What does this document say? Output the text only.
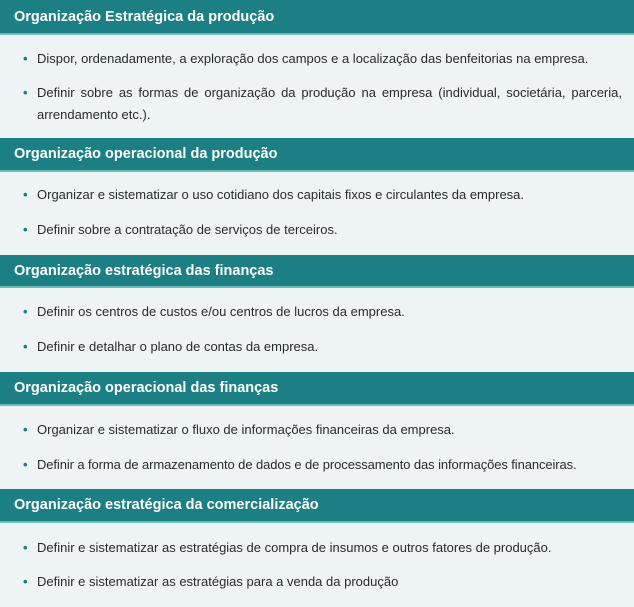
Organização Estratégica da produção
• Dispor, ordenadamente, a exploração dos campos e a localização das benfeitorias na empresa.
• Definir sobre as formas de organização da produção na empresa (individual, societária, parceria, arrendamento etc.).
Organização operacional da produção
• Organizar e sistematizar o uso cotidiano dos capitais fixos e circulantes da empresa.
• Definir sobre a contratação de serviços de terceiros.
Organização estratégica das finanças
• Definir os centros de custos e/ou centros de lucros da empresa.
• Definir e detalhar o plano de contas da empresa.
Organização operacional das finanças
• Organizar e sistematizar o fluxo de informações financeiras da empresa.
• Definir a forma de armazenamento de dados e de processamento das informações financeiras.
Organização estratégica da comercialização
• Definir e sistematizar as estratégias de compra de insumos e outros fatores de produção.
• Definir e sistematizar as estratégias para a venda da produção
